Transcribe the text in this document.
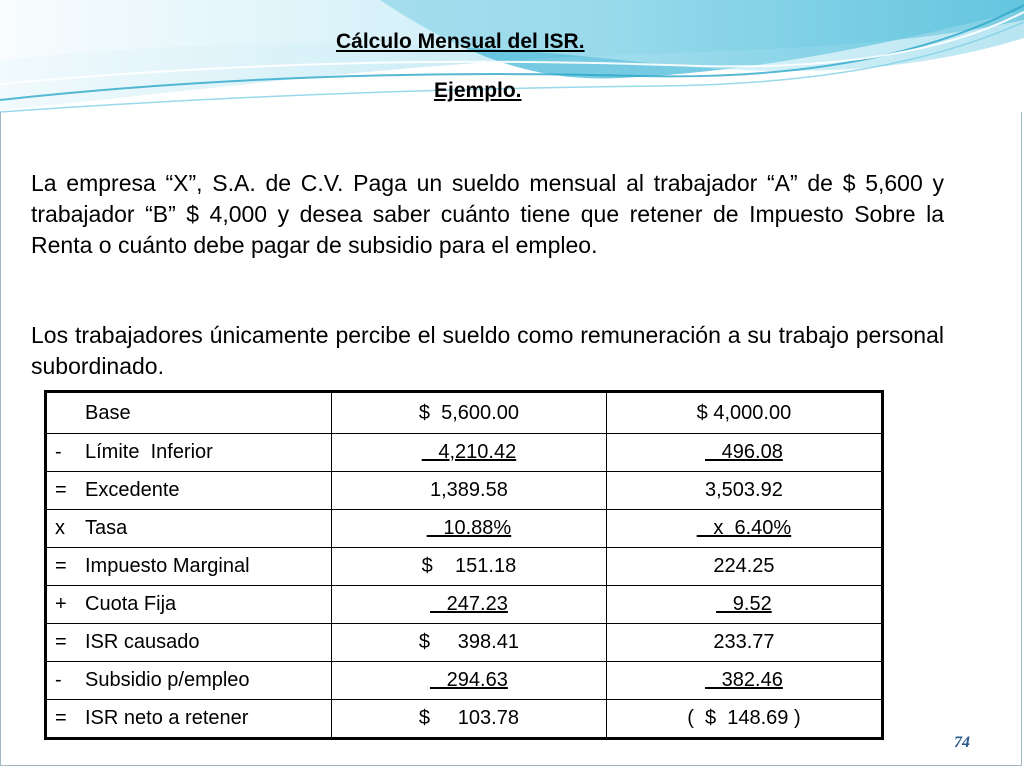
Cálculo Mensual del ISR.
Ejemplo.

La empresa “X”, S.A. de C.V. Paga un sueldo mensual al trabajador “A” de $ 5,600 y trabajador “B” $ 4,000 y desea saber cuánto tiene que retener de Impuesto Sobre la Renta o cuánto debe pagar de subsidio para el empleo.

Los trabajadores únicamente percibe el sueldo como remuneración a su trabajo personal subordinado.

Base	$  5,600.00	$ 4,000.00
- Límite  Inferior	4,210.42	496.08
= Excedente	1,389.58	3,503.92
x Tasa	10.88%	x  6.40%
= Impuesto Marginal	$    151.18	224.25
+ Cuota Fija	247.23	9.52
= ISR causado	$     398.41	233.77
- Subsidio p/empleo	294.63	382.46
= ISR neto a retener	$     103.78	(  $  148.69 )
74
